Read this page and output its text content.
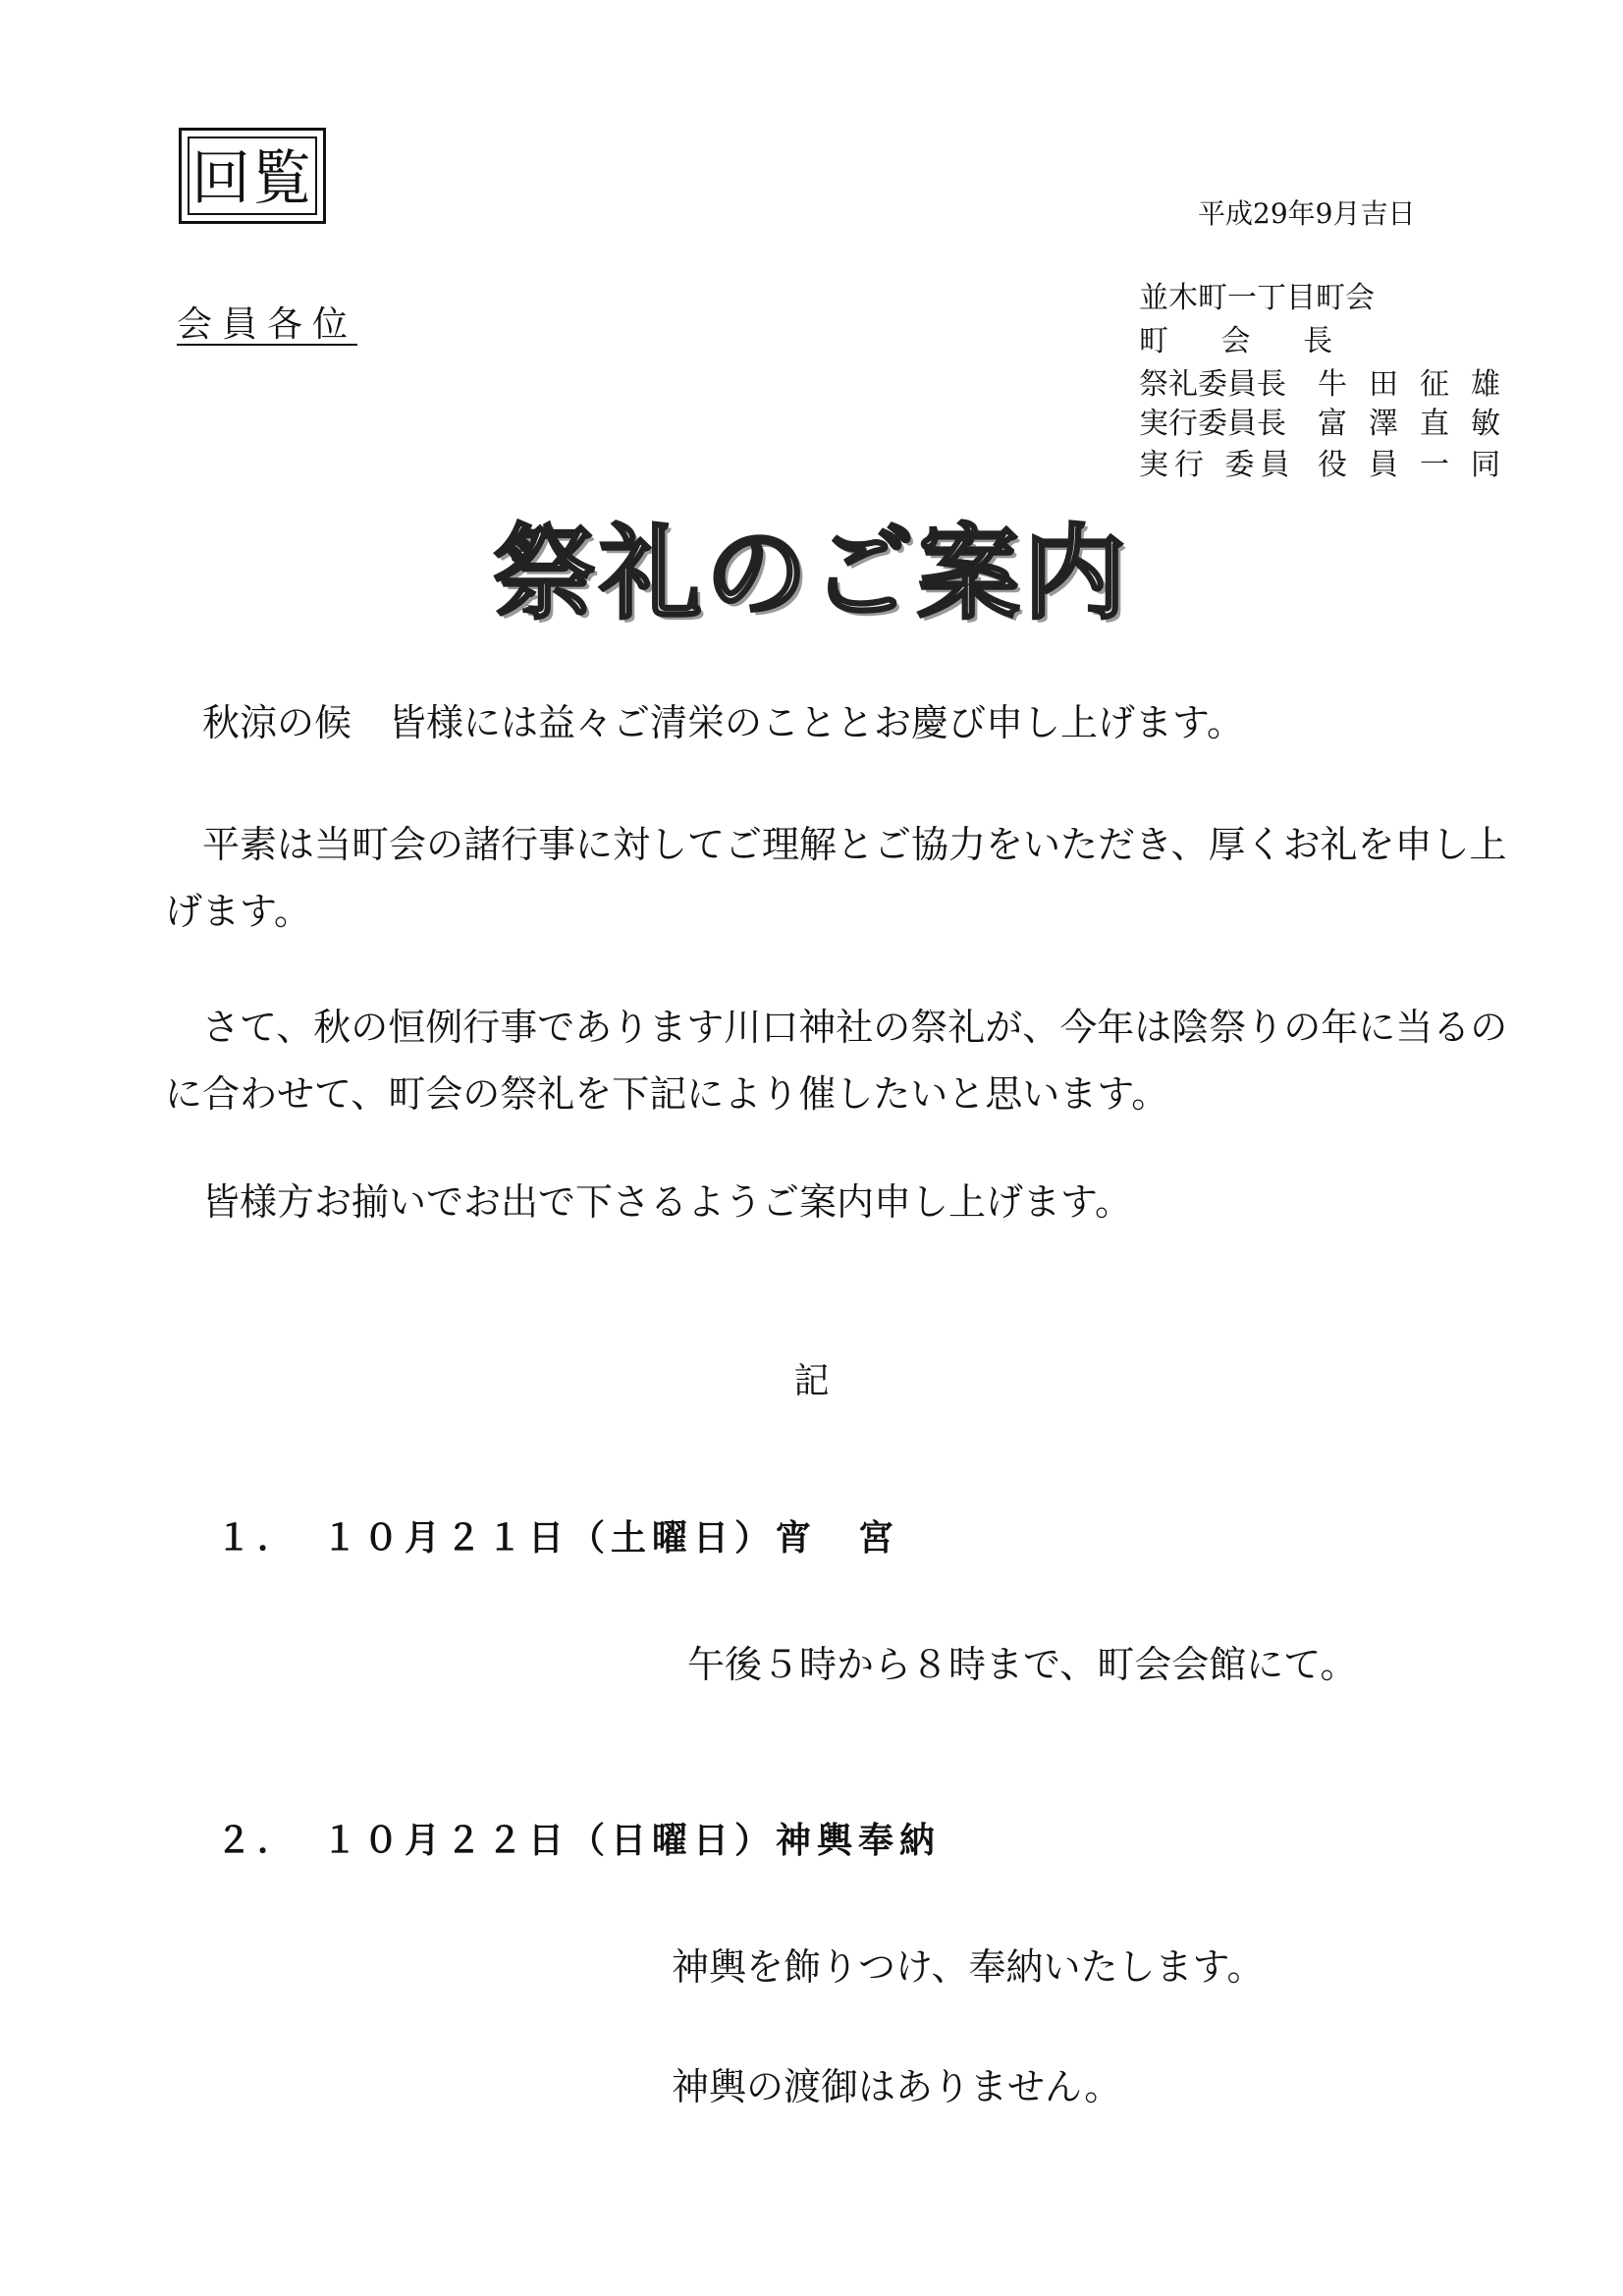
回覧
平成29年9月吉日
会員各位
並木町一丁目町会
町 会 長
祭礼委員長 牛田征雄
実行委員長 富澤直敏
実行 委員 役員一同
祭礼のご案内
秋涼の候　皆様には益々ご清栄のこととお慶び申し上げます。
平素は当町会の諸行事に対してご理解とご協力をいただき、厚くお礼を申し上げます。
さて、秋の恒例行事であります川口神社の祭礼が、今年は陰祭りの年に当るのに合わせて、町会の祭礼を下記により催したいと思います。
皆様方お揃いでお出で下さるようご案内申し上げます。
記
１．　１０月２１日（土曜日）宵　宮
午後５時から８時まで、町会会館にて。
２．　１０月２２日（日曜日）神輿奉納
神輿を飾りつけ、奉納いたします。
神輿の渡御はありません。
